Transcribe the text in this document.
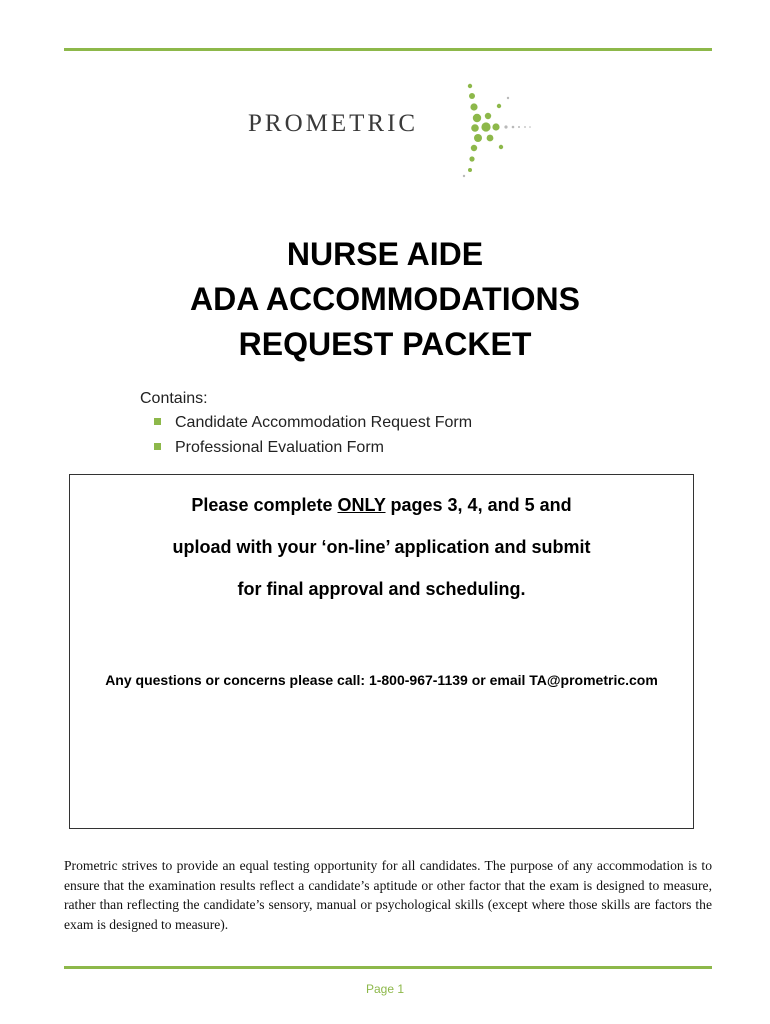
PROMETRIC
NURSE AIDE
ADA ACCOMMODATIONS
REQUEST PACKET
Contains:
Candidate Accommodation Request Form
Professional Evaluation Form
Please complete ONLY pages 3, 4, and 5 and
upload with your ‘on-line’ application and submit
for final approval and scheduling.
Any questions or concerns please call: 1-800-967-1139 or email TA@prometric.com
Prometric strives to provide an equal testing opportunity for all candidates. The purpose of any accommodation is to ensure that the examination results reflect a candidate’s aptitude or other factor that the exam is designed to measure, rather than reflecting the candidate’s sensory, manual or psychological skills (except where those skills are factors the exam is designed to measure).
Page 1
